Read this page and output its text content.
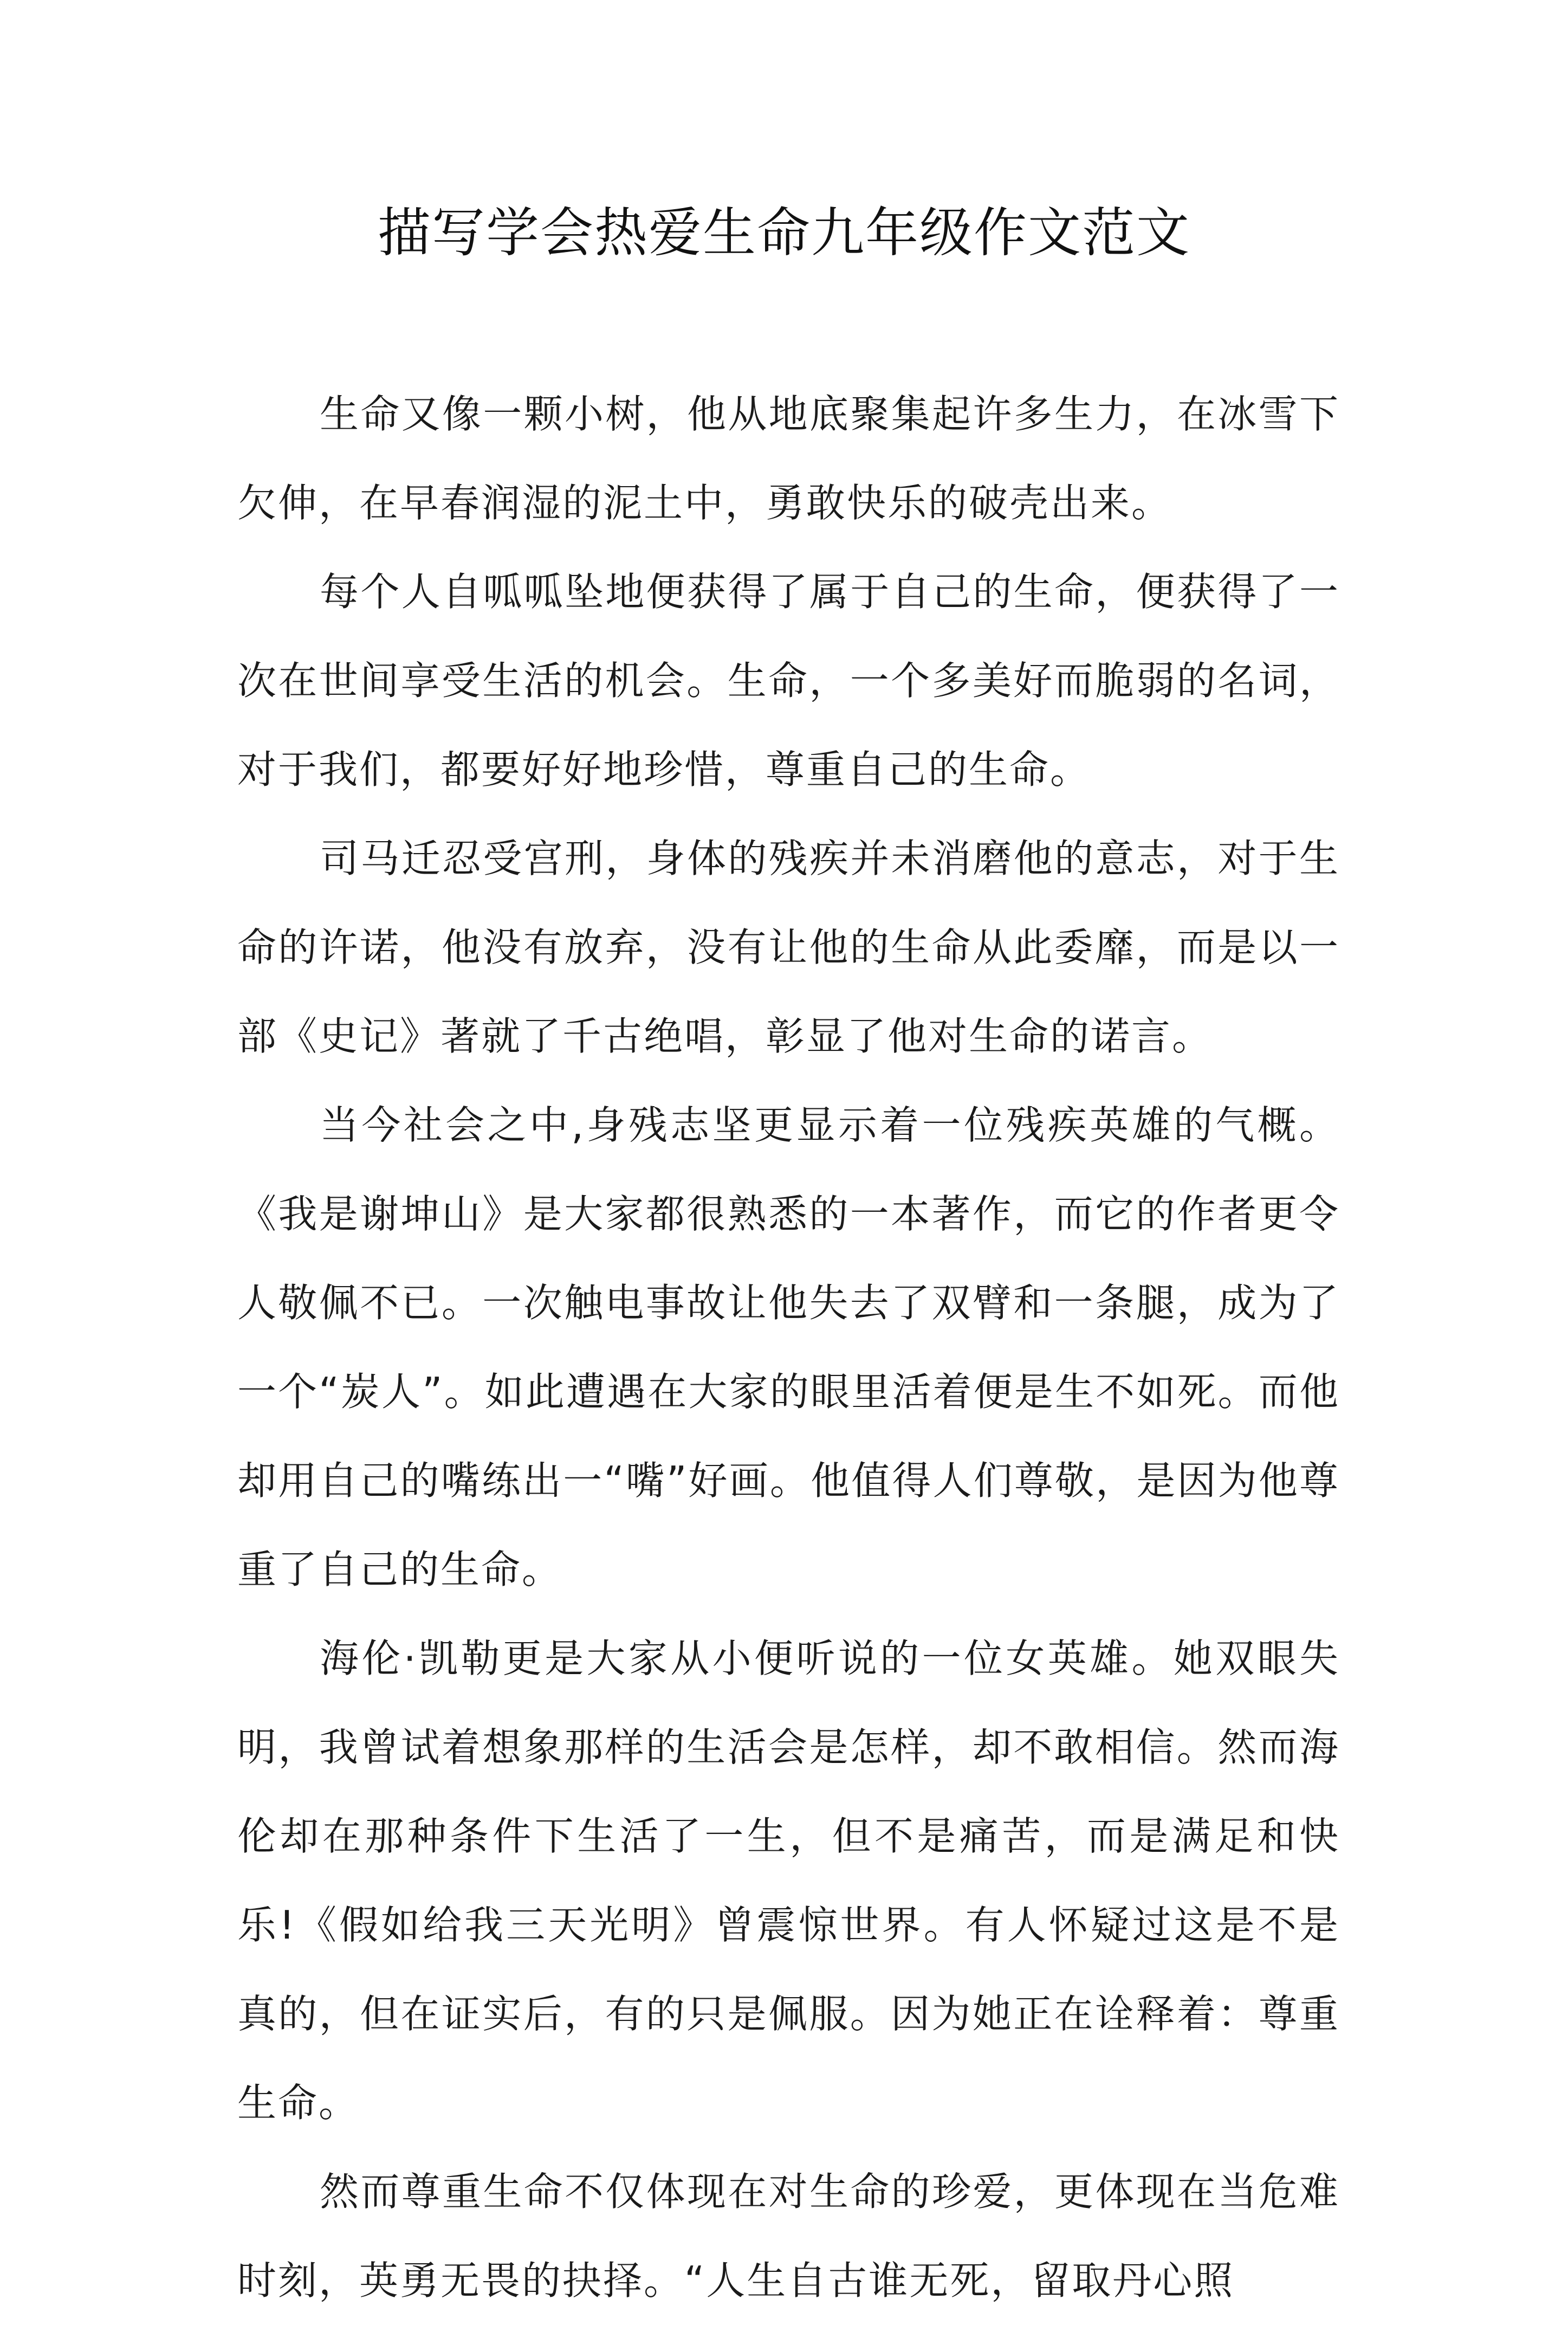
描写学会热爱生命九年级作文范文

生命又像一颗小树，他从地底聚集起许多生力，在冰雪下欠伸，在早春润湿的泥土中，勇敢快乐的破壳出来。

每个人自呱呱坠地便获得了属于自己的生命，便获得了一次在世间享受生活的机会。生命，一个多美好而脆弱的名词，对于我们，都要好好地珍惜，尊重自己的生命。

司马迁忍受宫刑，身体的残疾并未消磨他的意志，对于生命的许诺，他没有放弃，没有让他的生命从此委靡，而是以一部《史记》著就了千古绝唱，彰显了他对生命的诺言。

当今社会之中,身残志坚更显示着一位残疾英雄的气概。《我是谢坤山》是大家都很熟悉的一本著作，而它的作者更令人敬佩不已。一次触电事故让他失去了双臂和一条腿，成为了一个“炭人”。如此遭遇在大家的眼里活着便是生不如死。而他却用自己的嘴练出一“嘴”好画。他值得人们尊敬，是因为他尊重了自己的生命。

海伦·凯勒更是大家从小便听说的一位女英雄。她双眼失明，我曾试着想象那样的生活会是怎样，却不敢相信。然而海伦却在那种条件下生活了一生，但不是痛苦，而是满足和快乐!《假如给我三天光明》曾震惊世界。有人怀疑过这是不是真的，但在证实后，有的只是佩服。因为她正在诠释着：尊重生命。

然而尊重生命不仅体现在对生命的珍爱，更体现在当危难时刻，英勇无畏的抉择。“人生自古谁无死，留取丹心照
